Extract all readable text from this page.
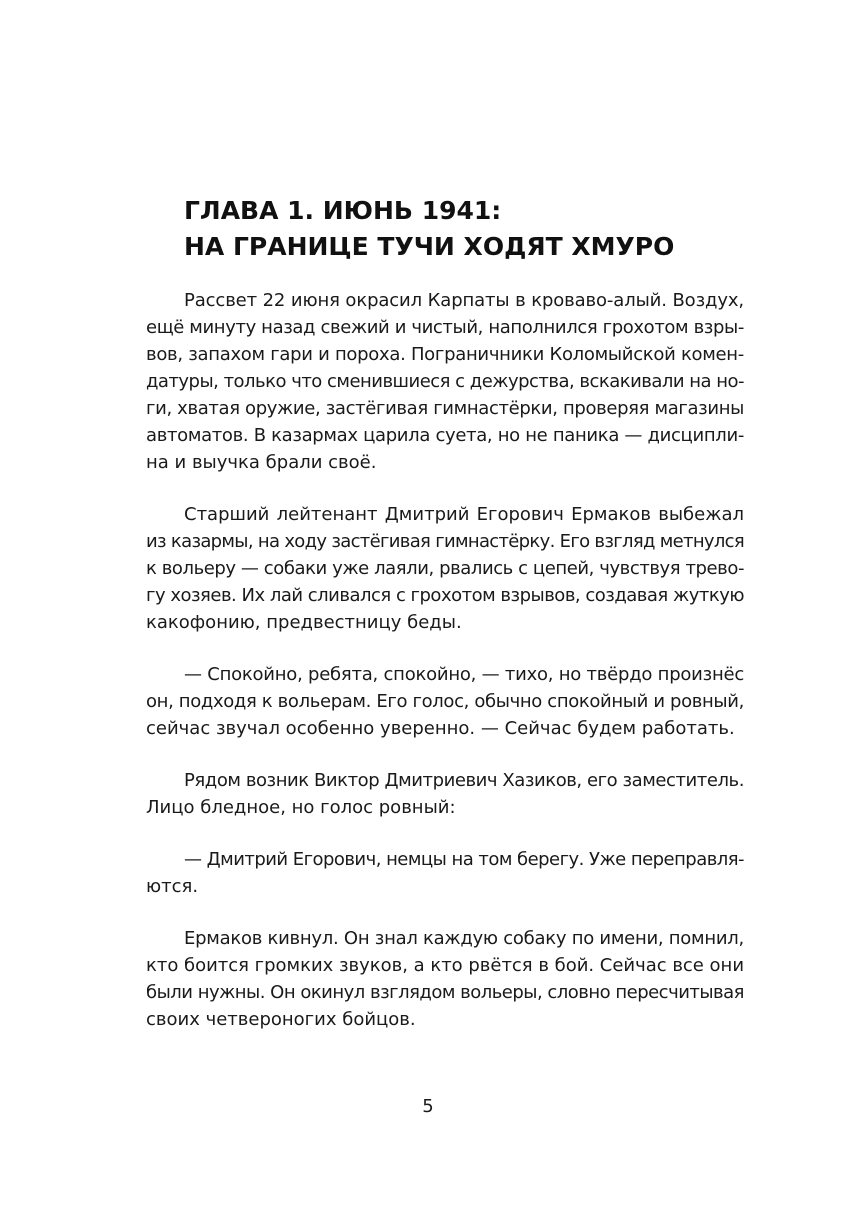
ГЛАВА 1. ИЮНЬ 1941:
НА ГРАНИЦЕ ТУЧИ ХОДЯТ ХМУРО

Рассвет 22 июня окрасил Карпаты в кроваво-алый. Воздух,
ещё минуту назад свежий и чистый, наполнился грохотом взры-
вов, запахом гари и пороха. Пограничники Коломыйской комен-
датуры, только что сменившиеся с дежурства, вскакивали на но-
ги, хватая оружие, застёгивая гимнастёрки, проверяя магазины
автоматов. В казармах царила суета, но не паника — дисципли-
на и выучка брали своё.

Старший лейтенант Дмитрий Егорович Ермаков выбежал
из казармы, на ходу застёгивая гимнастёрку. Его взгляд метнулся
к вольеру — собаки уже лаяли, рвались с цепей, чувствуя трево-
гу хозяев. Их лай сливался с грохотом взрывов, создавая жуткую
какофонию, предвестницу беды.

— Спокойно, ребята, спокойно, — тихо, но твёрдо произнёс
он, подходя к вольерам. Его голос, обычно спокойный и ровный,
сейчас звучал особенно уверенно. — Сейчас будем работать.

Рядом возник Виктор Дмитриевич Хазиков, его заместитель.
Лицо бледное, но голос ровный:

— Дмитрий Егорович, немцы на том берегу. Уже переправля-
ются.

Ермаков кивнул. Он знал каждую собаку по имени, помнил,
кто боится громких звуков, а кто рвётся в бой. Сейчас все они
были нужны. Он окинул взглядом вольеры, словно пересчитывая
своих четвероногих бойцов.

5
